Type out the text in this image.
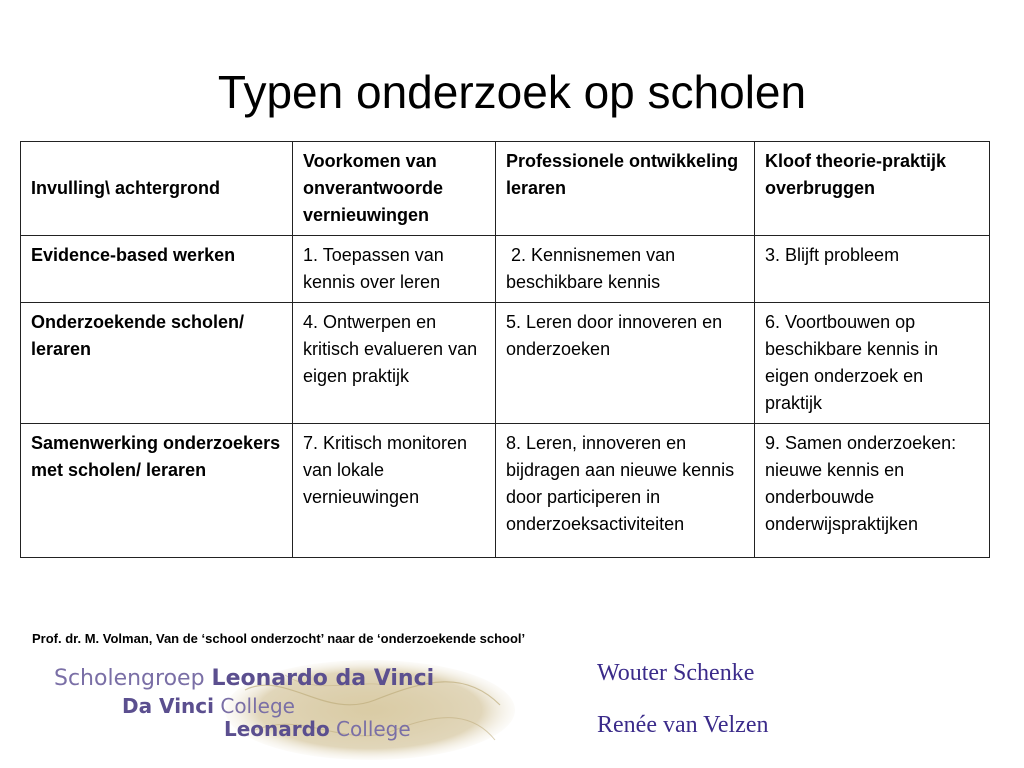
Typen onderzoek op scholen
Invulling\ achtergrond	Voorkomen van onverantwoorde vernieuwingen	Professionele ontwikkeling leraren	Kloof theorie-praktijk overbruggen
Evidence-based werken	1. Toepassen van kennis over leren	2. Kennisnemen van beschikbare kennis	3. Blijft probleem
Onderzoekende scholen/ leraren	4. Ontwerpen en kritisch evalueren van eigen praktijk	5. Leren door innoveren en onderzoeken	6. Voortbouwen op beschikbare kennis in eigen onderzoek en praktijk
Samenwerking onderzoekers met scholen/ leraren	7. Kritisch monitoren van lokale vernieuwingen	8. Leren, innoveren en bijdragen aan nieuwe kennis door participeren in onderzoeksactiviteiten	9. Samen onderzoeken: nieuwe kennis en onderbouwde onderwijspraktijken

Prof. dr. M. Volman, Van de ‘school onderzocht’ naar de ‘onderzoekende school’

Scholengroep Leonardo da Vinci
Da Vinci College
Leonardo College

Wouter Schenke

Renée van Velzen
